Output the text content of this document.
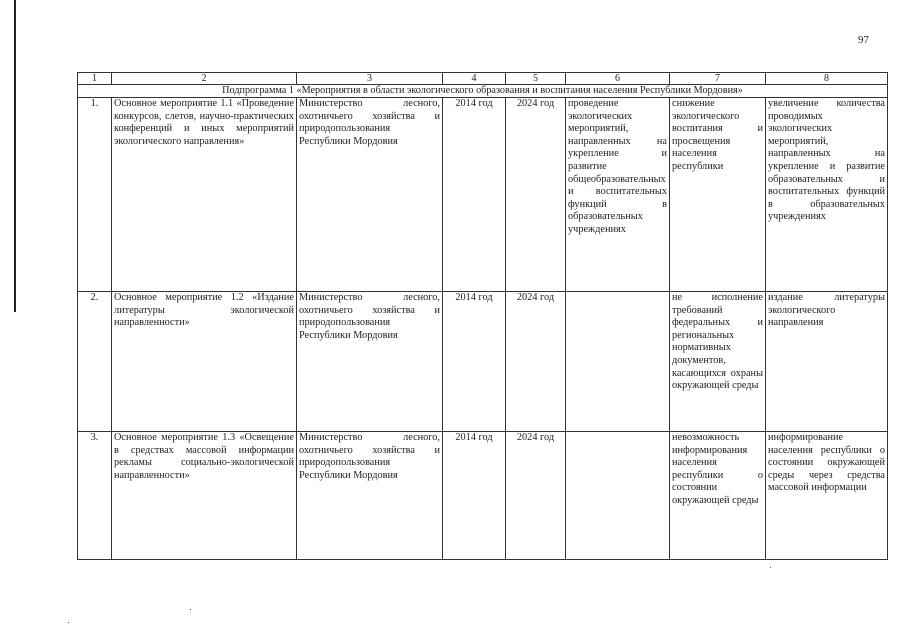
97
1	2	3	4	5	6	7	8
Подпрограмма 1 «Мероприятия в области экологического образования и воспитания населения Республики Мордовия»							
1.	Основное мероприятие 1.1 «Проведение конкурсов, слетов, научно-практических конференций и иных мероприятий экологического направления»	Министерство лесного, охотничьего хозяйства и природопользования Республики Мордовия	2014 год	2024 год	проведение экологических мероприятий, направленных на укрепление и развитие общеобразовательных и воспитательных функций в образовательных учреждениях	снижение экологического воспитания и просвещения населения республики	увеличение количества проводимых экологических мероприятий, направленных на укрепление и развитие образовательных и воспитательных функций в образовательных учреждениях
2.	Основное мероприятие 1.2 «Издание литературы экологической направленности»	Министерство лесного, охотничьего хозяйства и природопользования Республики Мордовия	2014 год	2024 год		не исполнение требований федеральных и региональных нормативных документов, касающихся охраны окружающей среды	издание литературы экологического направления
3.	Основное мероприятие 1.3 «Освещение в средствах массовой информации рекламы социально-экологической направленности»	Министерство лесного, охотничьего хозяйства и природопользования Республики Мордовия	2014 год	2024 год		невозможность информирования населения республики о состоянии окружающей среды	информирование населения республики о состоянии окружающей среды через средства массовой информации
